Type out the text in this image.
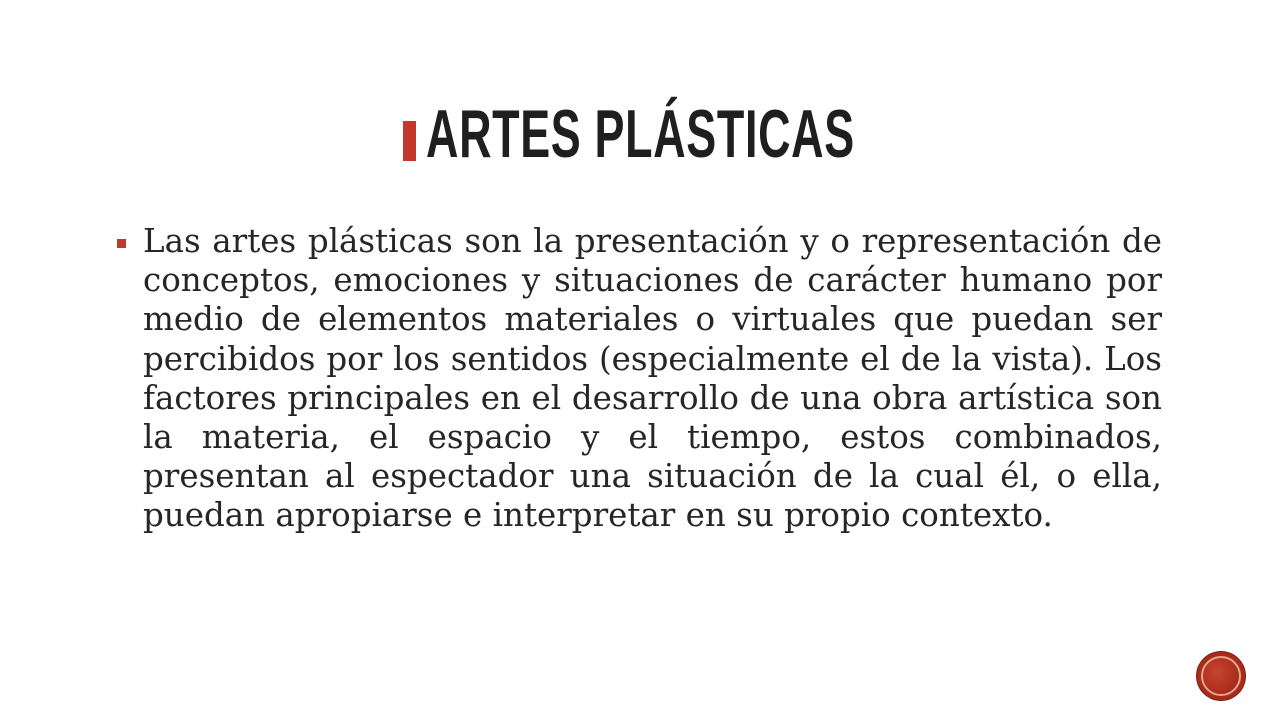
ARTES PLÁSTICAS

Las artes plásticas son la presentación y o representación de conceptos, emociones y situaciones de carácter humano por medio de elementos materiales o virtuales que puedan ser percibidos por los sentidos (especialmente el de la vista). Los factores principales en el desarrollo de una obra artística son la materia, el espacio y el tiempo, estos combinados, presentan al espectador una situación de la cual él, o ella, puedan apropiarse e interpretar en su propio contexto.
